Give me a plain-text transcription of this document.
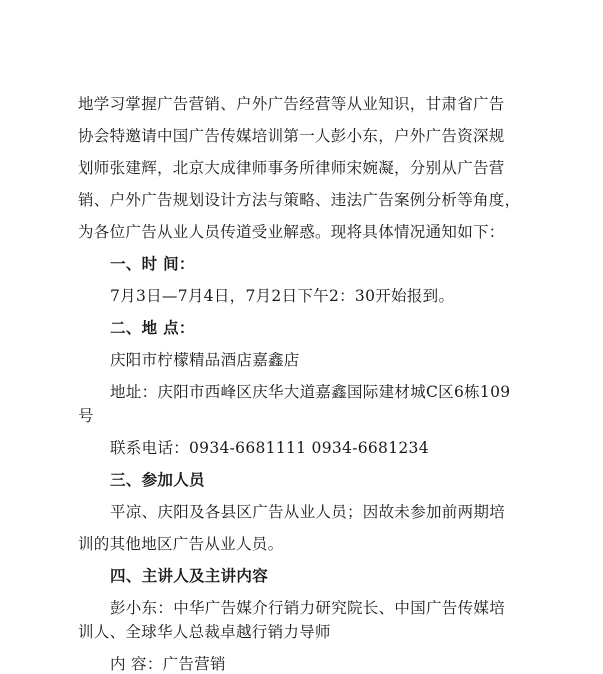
地学习掌握广告营销、户外广告经营等从业知识，甘肃省广告
协会特邀请中国广告传媒培训第一人彭小东，户外广告资深规
划师张建辉，北京大成律师事务所律师宋婉凝，分别从广告营
销、户外广告规划设计方法与策略、违法广告案例分析等角度，
为各位广告从业人员传道受业解惑。现将具体情况通知如下：
一、时 间：
7月3日—7月4日，7月2日下午2：30开始报到。
二、地 点：
庆阳市柠檬精品酒店嘉鑫店
地址：庆阳市西峰区庆华大道嘉鑫国际建材城C区6栋109
号
联系电话：0934-6681111 0934-6681234
三、参加人员
平凉、庆阳及各县区广告从业人员；因故未参加前两期培
训的其他地区广告从业人员。
四、主讲人及主讲内容
彭小东：中华广告媒介行销力研究院长、中国广告传媒培
训人、全球华人总裁卓越行销力导师
内 容：广告营销
